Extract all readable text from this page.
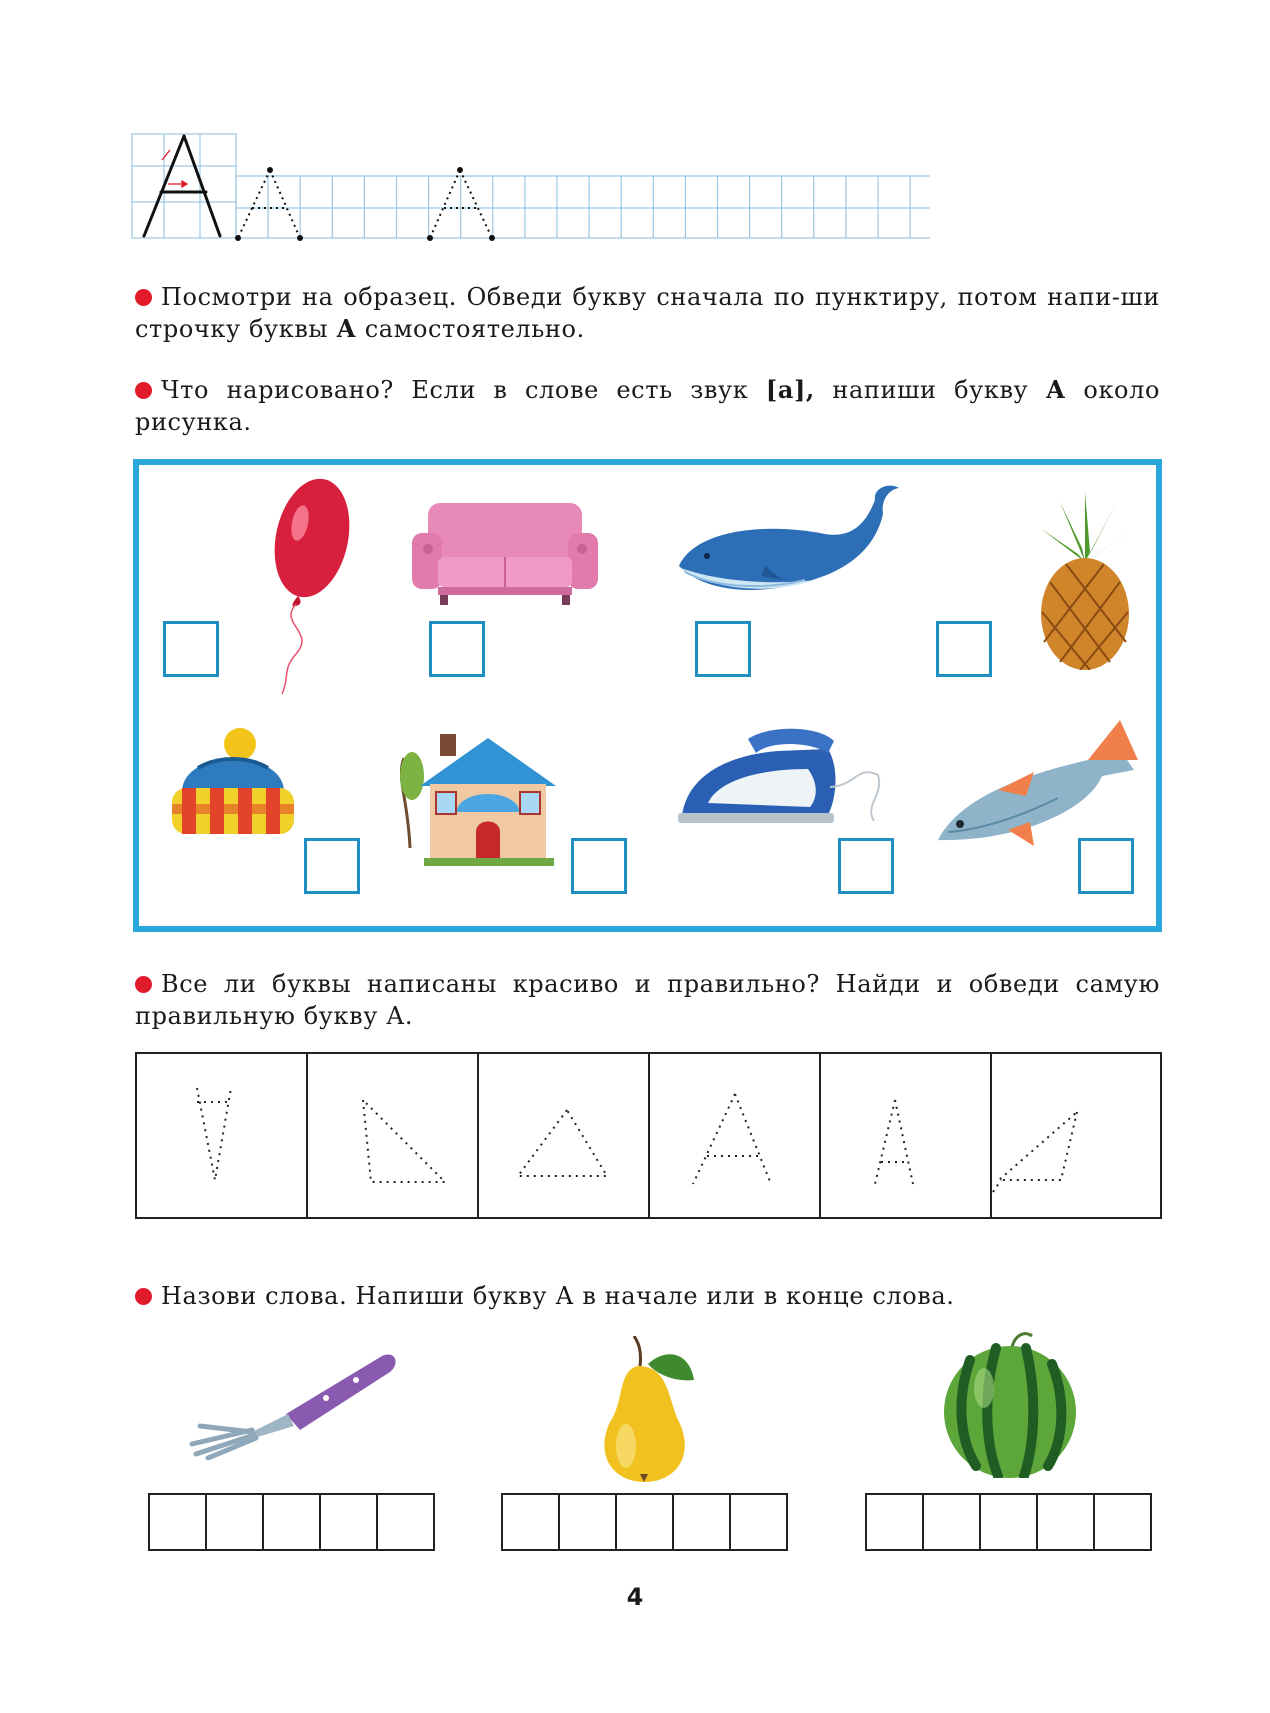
Посмотри на образец. Обведи букву сначала по пунктиру, потом напи-ши строчку буквы А самостоятельно.
Что нарисовано? Если в слове есть звук [а], напиши букву А около рисунка.
Все ли буквы написаны красиво и правильно? Найди и обведи самую правильную букву А.
Назови слова. Напиши букву А в начале или в конце слова.
4
